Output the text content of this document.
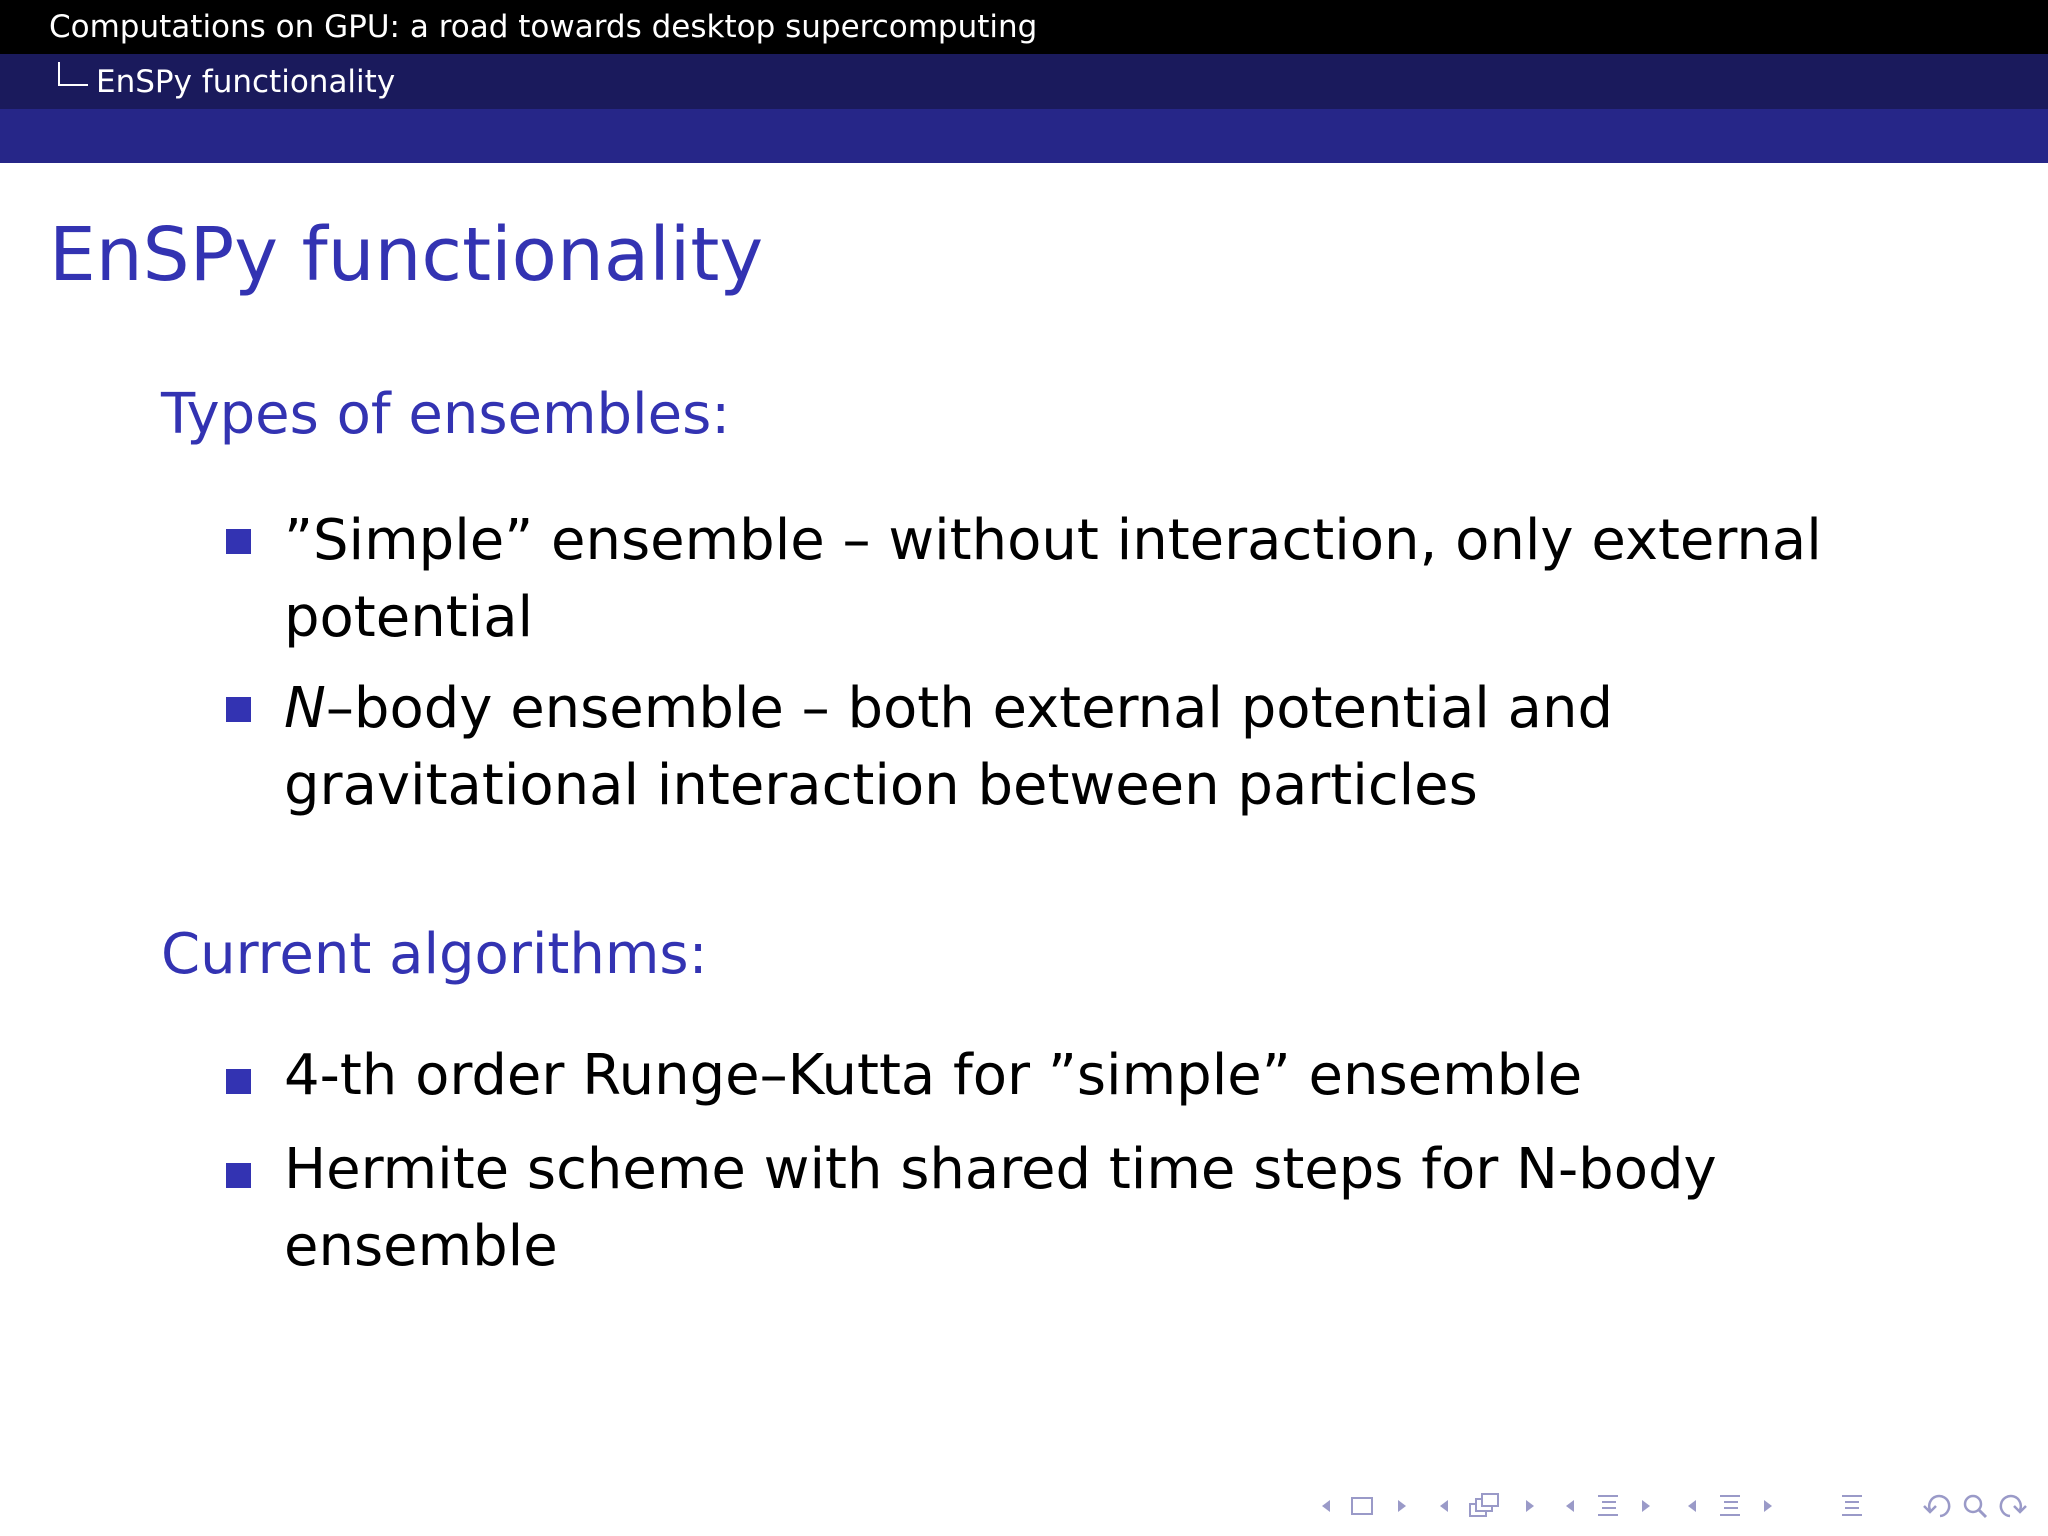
Computations on GPU: a road towards desktop supercomputing
EnSPy functionality
EnSPy functionality
Types of ensembles:
”Simple” ensemble – without interaction, only external potential
N–body ensemble – both external potential and gravitational interaction between particles
Current algorithms:
4-th order Runge–Kutta for ”simple” ensemble
Hermite scheme with shared time steps for N-body ensemble
